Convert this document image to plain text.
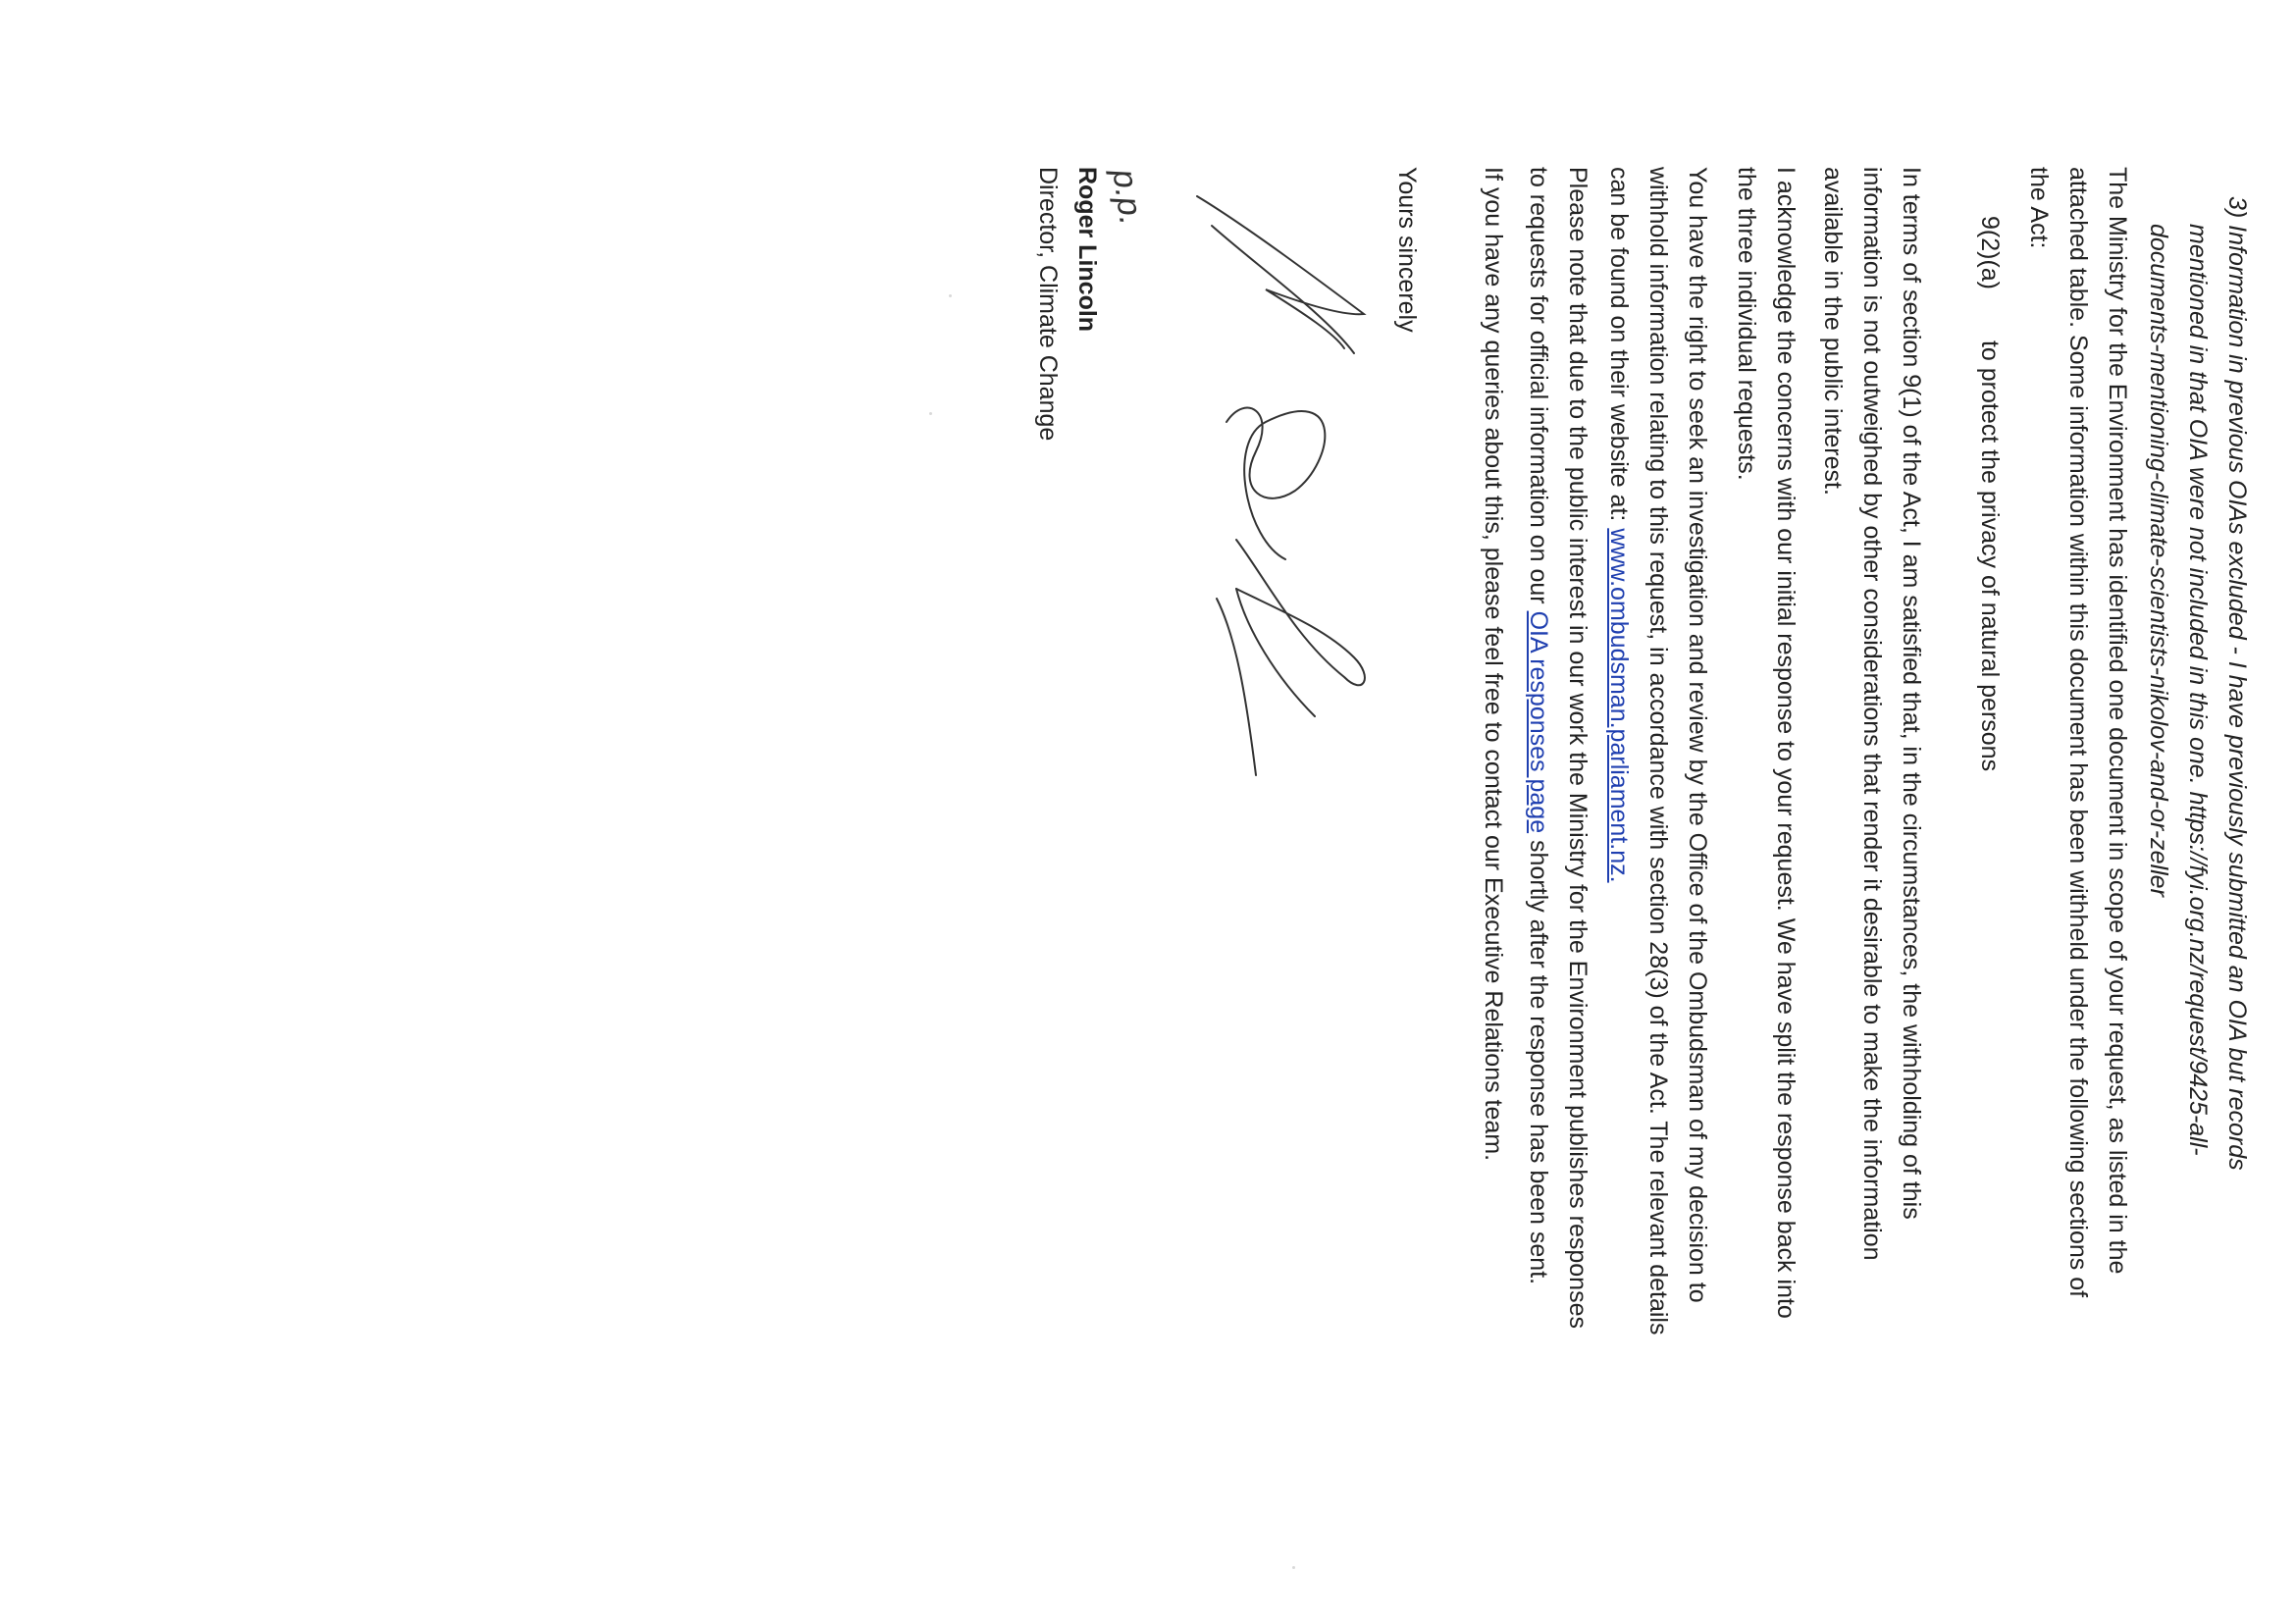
3) Information in previous OIAs excluded - I have previously submitted an OIA but records
mentioned in that OIA were not included in this one. https://fyi.org.nz/request/9425-all-
documents-mentioning-climate-scientists-nikolov-and-or-zeller
The Ministry for the Environment has identified one document in scope of your request, as listed in the
attached table. Some information within this document has been withheld under the following sections of
the Act:
9(2)(a) to protect the privacy of natural persons
In terms of section 9(1) of the Act, I am satisfied that, in the circumstances, the withholding of this
information is not outweighed by other considerations that render it desirable to make the information
available in the public interest.
I acknowledge the concerns with our initial response to your request. We have split the response back into
the three individual requests.
You have the right to seek an investigation and review by the Office of the Ombudsman of my decision to
withhold information relating to this request, in accordance with section 28(3) of the Act. The relevant details
can be found on their website at: www.ombudsman.parliament.nz.
Please note that due to the public interest in our work the Ministry for the Environment publishes responses
to requests for official information on our OIA responses page shortly after the response has been sent.
If you have any queries about this, please feel free to contact our Executive Relations team.
Yours sincerely
p.p.
Roger Lincoln
Director, Climate Change
